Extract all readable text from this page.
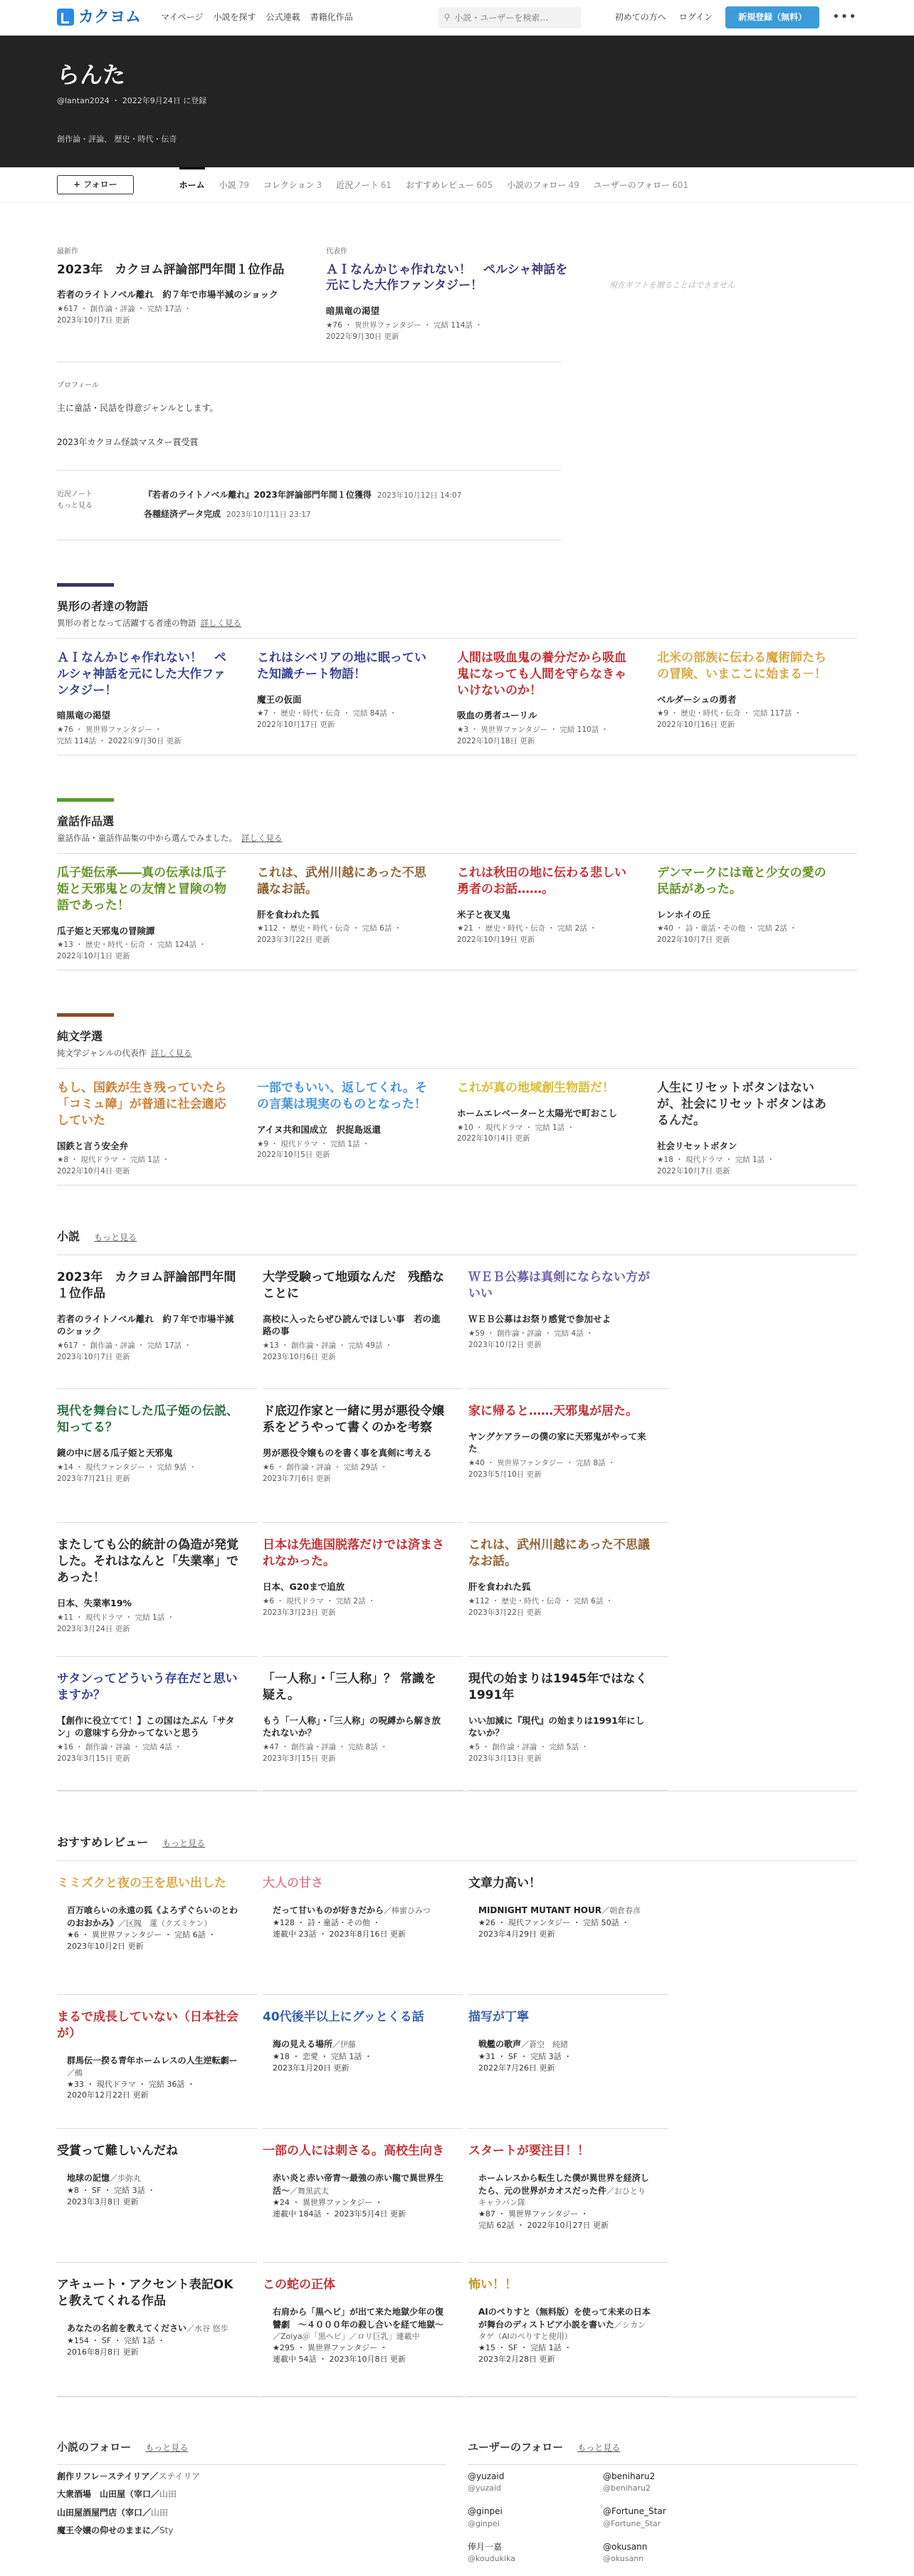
カクヨム マイページ 小説を探す 公式連載 書籍化作品	⚲
小説・ユーザーを検索…	初めての方へ ログイン	新規登録（無料）	•••
らんた
@lantan2024 ・ 2022年9月24日 に登録
創作論・評論、 歴史・時代・伝奇
+ フォロー	ホーム 小説 79 コレクション 3 近況ノート 61 おすすめレビュー 605 小説のフォロー 49 ユーザーのフォロー 601
最新作
2023年　カクヨム評論部門年間１位作品
若者のライトノベル離れ　約７年で市場半減のショック
★617 ・ 創作論・評論 ・ 完結 17話 ・
2023年10月7日 更新
代表作
ＡＩなんかじゃ作れない！　ペルシャ神話を元にした大作ファンタジー！
暗黒竜の渇望
★76 ・ 異世界ファンタジー ・ 完結 114話 ・
2022年9月30日 更新
現在ギフトを贈ることはできません
プロフィール

主に童話・民話を得意ジャンルとします。

2023年カクヨム怪談マスター賞受賞

近況ノート
もっと見る
『若者のライトノベル離れ』2023年評論部門年間１位獲得 2023年10月12日 14:07
各種経済データ完成 2023年10月11日 23:17
異形の者達の物語
異形の者となって活躍する者達の物語 詳しく見る
ＡＩなんかじゃ作れない！　ペルシャ神話を元にした大作ファンタジー！
暗黒竜の渇望
★76 ・ 異世界ファンタジー ・
完結 114話 ・ 2022年9月30日 更新
これはシベリアの地に眠っていた知識チート物語！
魔王の仮面
★7 ・ 歴史・時代・伝奇 ・ 完結 84話 ・
2022年10月17日 更新
人間は吸血鬼の養分だから吸血鬼になっても人間を守らなきゃいけないのか！
吸血の勇者ユーリル
★3 ・ 異世界ファンタジー ・ 完結 110話 ・
2022年10月18日 更新
北米の部族に伝わる魔術師たちの冒険、いまここに始まる－！
ベルダーシュの勇者
★9 ・ 歴史・時代・伝奇 ・ 完結 117話 ・
2022年10月16日 更新
童話作品選
童話作品・童話作品集の中から選んでみました。 詳しく見る
瓜子姫伝承――真の伝承は瓜子姫と天邪鬼との友情と冒険の物語であった！
瓜子姫と天邪鬼の冒険譚
★13 ・ 歴史・時代・伝奇 ・ 完結 124話 ・
2022年10月1日 更新
これは、武州川越にあった不思議なお話。
肝を食われた狐
★112 ・ 歴史・時代・伝奇 ・ 完結 6話 ・
2023年3月22日 更新
これは秋田の地に伝わる悲しい勇者のお話……。
米子と夜叉鬼
★21 ・ 歴史・時代・伝奇 ・ 完結 2話 ・
2022年10月19日 更新
デンマークには竜と少女の愛の民話があった。
レンホイの丘
★40 ・ 詩・童話・その他 ・ 完結 2話 ・
2022年10月7日 更新
純文学選
純文学ジャンルの代表作 詳しく見る
もし、国鉄が生き残っていたら「コミュ障」が普通に社会適応していた
国鉄と言う安全弁
★8 ・ 現代ドラマ ・ 完結 1話 ・
2022年10月4日 更新
一部でもいい、返してくれ。その言葉は現実のものとなった！
アイヌ共和国成立　択捉島返還
★9 ・ 現代ドラマ ・ 完結 1話 ・
2022年10月5日 更新
これが真の地域創生物語だ！
ホームエレベーターと太陽光で町おこし
★10 ・ 現代ドラマ ・ 完結 1話 ・
2022年10月4日 更新
人生にリセットボタンはないが、社会にリセットボタンはあるんだ。
社会リセットボタン
★18 ・ 現代ドラマ ・ 完結 1話 ・
2022年10月7日 更新
小説 もっと見る
2023年　カクヨム評論部門年間１位作品
若者のライトノベル離れ　約７年で市場半減のショック
★617 ・ 創作論・評論 ・ 完結 17話 ・
2023年10月7日 更新
大学受験って地頭なんだ　残酷なことに
高校に入ったらぜひ読んでほしい事　若の進路の事
★13 ・ 創作論・評論 ・ 完結 49話 ・
2023年10月6日 更新
ＷＥＢ公募は真剣にならない方がいい
ＷＥＢ公募はお祭り感覚で参加せよ
★59 ・ 創作論・評論 ・ 完結 4話 ・
2023年10月2日 更新
現代を舞台にした瓜子姫の伝説、知ってる？
鏡の中に居る瓜子姫と天邪鬼
★14 ・ 現代ファンタジー ・ 完結 9話 ・
2023年7月21日 更新
ド底辺作家と一緒に男が悪役令嬢系をどうやって書くのかを考察
男が悪役令嬢ものを書く事を真剣に考える
★6 ・ 創作論・評論 ・ 完結 29話 ・
2023年7月6日 更新
家に帰ると……天邪鬼が居た。
ヤングケアラーの僕の家に天邪鬼がやって来た
★40 ・ 異世界ファンタジー ・ 完結 8話 ・
2023年5月10日 更新
またしても公的統計の偽造が発覚した。それはなんと「失業率」であった！
日本、失業率19%
★11 ・ 現代ドラマ ・ 完結 1話 ・
2023年3月24日 更新
日本は先進国脱落だけでは済まされなかった。
日本、G20まで追放
★6 ・ 現代ドラマ ・ 完結 2話 ・
2023年3月23日 更新
これは、武州川越にあった不思議なお話。
肝を食われた狐
★112 ・ 歴史・時代・伝奇 ・ 完結 6話 ・
2023年3月22日 更新
サタンってどういう存在だと思いますか？
【創作に役立てて！】この国はたぶん「サタン」の意味すら分かってないと思う
★16 ・ 創作論・評論 ・ 完結 4話 ・
2023年3月15日 更新
「一人称」・「三人称」？ 常識を疑え。
もう「一人称」・「三人称」の呪縛から解き放たれないか？
★47 ・ 創作論・評論 ・ 完結 8話 ・
2023年3月15日 更新
現代の始まりは1945年ではなく1991年
いい加減に『現代』の始まりは1991年にしないか？
★5 ・ 創作論・評論 ・ 完結 5話 ・
2023年3月13日 更新
おすすめレビュー もっと見る
ミミズクと夜の王を思い出した
百万喰らいの永遠の狐《よろずぐらいのとわのおおかみ》／区隗　蓮（クズミケン）
★6 ・ 異世界ファンタジー ・ 完結 6話 ・
2023年10月2日 更新
大人の甘さ
だって甘いものが好きだから／棒蜜ひみつ
★128 ・ 詩・童話・その他 ・
連載中 23話 ・ 2023年8月16日 更新
文章力高い！
MIDNIGHT MUTANT HOUR／朝倉春彦
★26 ・ 現代ファンタジー ・ 完結 50話 ・
2023年4月29日 更新
まるで成長していない（日本社会が）
群馬伝一揆る青年ホームレスの人生逆転劇ー／鵺
★33 ・ 現代ドラマ ・ 完結 36話 ・
2020年12月22日 更新
40代後半以上にグッとくる話
海の見える場所／伊藤
★18 ・ 恋愛 ・ 完結 1話 ・
2023年1月20日 更新
描写が丁寧
戦艦の歌声／蒼空　純緒
★31 ・ SF ・ 完結 3話 ・
2022年7月26日 更新
受賞って難しいんだね
地球の記憶／歩弥丸
★8 ・ SF ・ 完結 3話 ・
2023年3月8日 更新
一部の人には刺さる。高校生向き
赤い炎と赤い帝青〜最強の赤い龍で異世界生活〜／舞黒武太
★24 ・ 異世界ファンタジー ・
連載中 184話 ・ 2023年5月4日 更新
スタートが要注目！！
ホームレスから転生した僕が異世界を経済したら、元の世界がカオスだった件／おひとりキャラバン隊
★87 ・ 異世界ファンタジー ・
完結 62話 ・ 2022年10月27日 更新
アキュート・アクセント表記OKと教えてくれる作品
あなたの名前を教えてください／水谷 悠歩
★154 ・ SF ・ 完結 1話 ・
2016年8月8日 更新
この蛇の正体
右肩から「黒ヘビ」が出て来た地獄少年の復讐劇　〜４０００年の殺し合いを経て地獄〜／Zoiya＠「黒ヘビ」／ロリ巨乳」連載中
★295 ・ 異世界ファンタジー ・
連載中 54話 ・ 2023年10月8日 更新
怖い！！
AIのぺりすと（無料版）を使って未来の日本が舞台のディストピア小説を書いた／シカンタゲ（AIのぺりすと使用）
★15 ・ SF ・ 完結 1話 ・
2023年2月28日 更新
小説のフォロー もっと見る
創作リフレ－ステイリア／ステイリア
大衆酒場　山田屋（宰口／山田
山田屋酒屋門店（宰口／山田
魔王令嬢の仰せのままに／Sty
ユーザーのフォロー もっと見る
@yuzaid
@yuzaid
@beniharu2
@beniharu2
@ginpei
@ginpei
@Fortune_Star
@Fortune_Star
俸月一嘉
@koudukika
@okusann
@okusann
